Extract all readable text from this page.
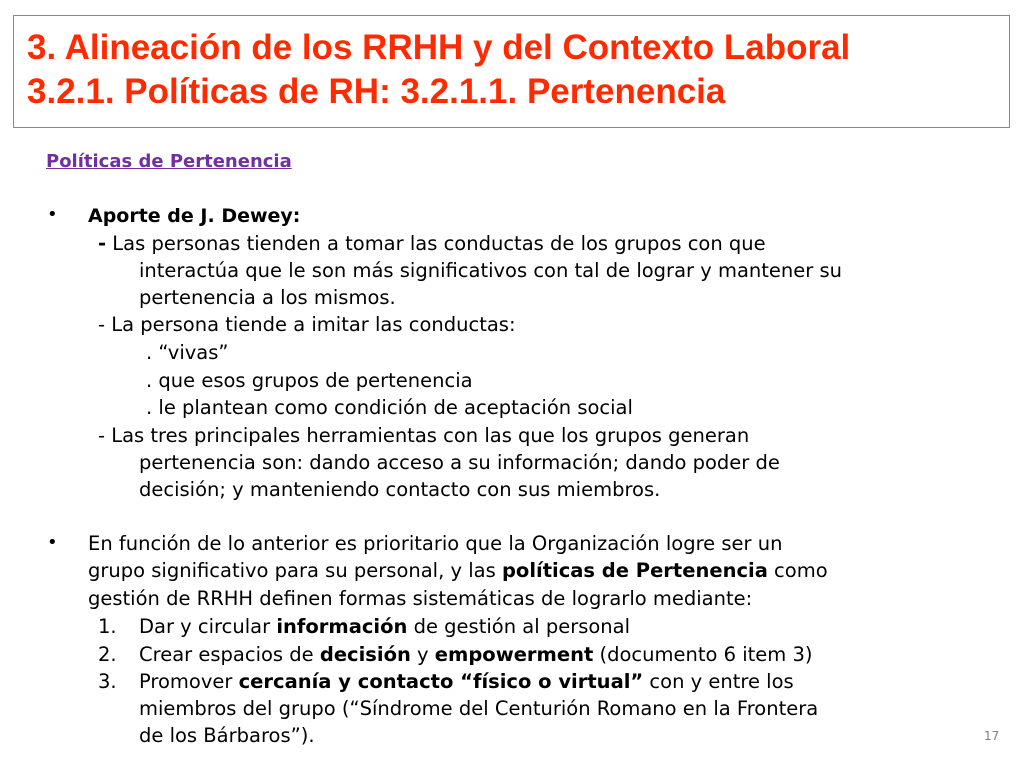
3. Alineación de los RRHH y del Contexto Laboral
3.2.1. Políticas de RH: 3.2.1.1. Pertenencia
Políticas de Pertenencia
• Aporte de J. Dewey:
- Las personas tienden a tomar las conductas de los grupos con que
interactúa que le son más significativos con tal de lograr y mantener su
pertenencia a los mismos.
- La persona tiende a imitar las conductas:
. “vivas”
. que esos grupos de pertenencia
. le plantean como condición de aceptación social
- Las tres principales herramientas con las que los grupos generan
pertenencia son: dando acceso a su información; dando poder de
decisión; y manteniendo contacto con sus miembros.
• En función de lo anterior es prioritario que la Organización logre ser un
grupo significativo para su personal, y las políticas de Pertenencia como
gestión de RRHH definen formas sistemáticas de lograrlo mediante:
1. Dar y circular información de gestión al personal
2. Crear espacios de decisión y empowerment (documento 6 item 3)
3. Promover cercanía y contacto “físico o virtual” con y entre los
miembros del grupo (“Síndrome del Centurión Romano en la Frontera
de los Bárbaros”).	17
